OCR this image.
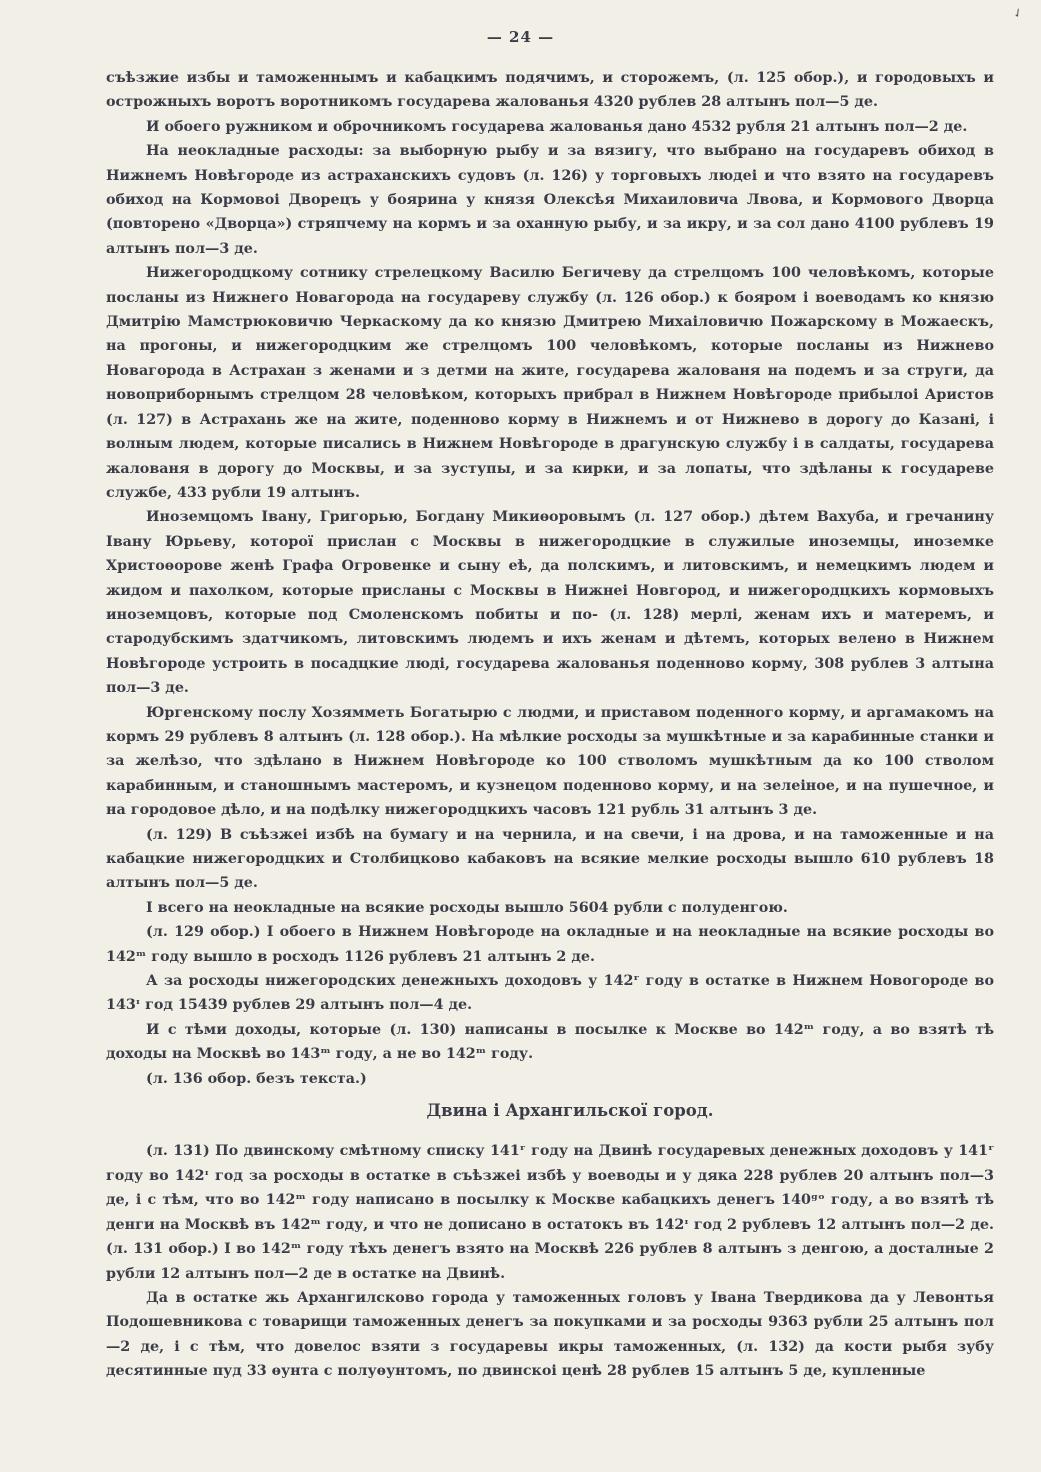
✓
— 24 —

съѣзжие избы и таможеннымъ и кабацкимъ подячимъ, и сторожемъ, (л. 125 обор.), и городовыхъ и острожныхъ воротъ воротникомъ государева жалованья 4320 рублев 28 алтынъ пол—5 де.

И обоего ружником и оброчникомъ государева жалованья дано 4532 рубля 21 алтынъ пол—2 де.

На неокладные расходы: за выборную рыбу и за вязигу, что выбрано на государевъ обиход в Нижнемъ Новѣгороде из астраханскихъ судовъ (л. 126) у торговыхъ людеі и что взято на государевъ обиход на Кормовоі Дворецъ у боярина у князя Олексѣя Михаиловича Лвова, и Кормового Дворца (повторено «Дворца») стряпчему на кормъ и за оханную рыбу, и за икру, и за сол дано 4100 рублевъ 19 алтынъ пол—3 де.

Нижегородцкому сотнику стрелецкому Василю Бегичеву да стрелцомъ 100 человѣкомъ, которые посланы из Нижнего Новагорода на государеву службу (л. 126 обор.) к бояром і воеводамъ ко князю Дмитрію Мамстрюковичю Черкаскому да ко князю Дмитрею Михаіловичю Пожарскому в Можаескъ, на прогоны, и нижегородцким же стрелцомъ 100 человѣкомъ, которые посланы из Нижнево Новагорода в Астрахан з женами и з детми на жите, государева жалованя на подемъ и за струги, да новоприборнымъ стрелцом 28 человѣком, которыхъ прибрал в Нижнем Новѣгороде прибылоі Аристов (л. 127) в Астрахань же на жите, поденново корму в Нижнемъ и от Нижнево в дорогу до Казані, і волным людем, которые писались в Нижнем Новѣгороде в драгунскую службу і в салдаты, государева жалованя в дорогу до Москвы, и за зуступы, и за кирки, и за лопаты, что здѣланы к государеве службе, 433 рубли 19 алтынъ.

Иноземцомъ Івану, Григорью, Богдану Микиѳоровымъ (л. 127 обор.) дѣтем Вахуба, и гречанину Івану Юрьеву, которої прислан с Москвы в нижегородцкие в служилые иноземцы, иноземке Христоѳорове женѣ Графа Огровенке и сыну еѣ, да полскимъ, и литовскимъ, и немецкимъ людем и жидом и пахолком, которые присланы с Москвы в Нижнеі Новгород, и нижегородцкихъ кормовыхъ иноземцовъ, которые под Смоленскомъ побиты и по- (л. 128) мерлі, женам ихъ и матеремъ, и стародубскимъ здатчикомъ, литовскимъ людемъ и ихъ женам и дѣтемъ, которых велено в Нижнем Новѣгороде устроить в посадцкие люді, государева жалованья поденново корму, 308 рублев 3 алтына пол—3 де.

Юргенскому послу Хозямметь Богатырю с людми, и приставом поденного корму, и аргамакомъ на кормъ 29 рублевъ 8 алтынъ (л. 128 обор.). На мѣлкие росходы за мушкѣтные и за карабинные станки и за желѣзо, что здѣлано в Нижнем Новѣгороде ко 100 стволомъ мушкѣтным да ко 100 стволом карабинным, и станошнымъ мастеромъ, и кузнецом поденново корму, и на зелеіное, и на пушечное, и на городовое дѣло, и на подѣлку нижегородцкихъ часовъ 121 рубль 31 алтынъ 3 де.

(л. 129) В съѣзжеі избѣ на бумагу и на чернила, и на свечи, і на дрова, и на таможенные и на кабацкие нижегородцких и Столбицково кабаковъ на всякие мелкие росходы вышло 610 рублевъ 18 алтынъ пол—5 де.

І всего на неокладные на всякие росходы вышло 5604 рубли с полуденгою.

(л. 129 обор.) І обоего в Нижнем Новѣгороде на окладные и на неокладные на всякие росходы во 142ᵐ году вышло в росходъ 1126 рублевъ 21 алтынъ 2 де.

А за росходы нижегородских денежныхъ доходовъ у 142ʳ году в остатке в Нижнем Новогороде во 143ᶦ год 15439 рублев 29 алтынъ пол—4 де.

И с тѣми доходы, которые (л. 130) написаны в посылке к Москве во 142ᵐ году, а во взятѣ тѣ доходы на Москвѣ во 143ᵐ году, а не во 142ᵐ году.

(л. 136 обор. безъ текста.)

Двина і Архангильскої город.

(л. 131) По двинскому смѣтному списку 141ʳ году на Двинѣ государевых денежных доходовъ у 141ʳ году во 142ᶦ год за росходы в остатке в съѣзжеі избѣ у воеводы и у дяка 228 рублев 20 алтынъ пол—3 де, і с тѣм, что во 142ᵐ году написано в посылку к Москве кабацкихъ денегъ 140ᵍᵒ году, а во взятѣ тѣ денги на Москвѣ въ 142ᵐ году, и что не дописано в остатокъ въ 142ᶦ год 2 рублевъ 12 алтынъ пол—2 де. (л. 131 обор.) І во 142ᵐ году тѣхъ денегъ взято на Москвѣ 226 рублев 8 алтынъ з денгою, а досталные 2 рубли 12 алтынъ пол—2 де в остатке на Двинѣ.

Да в остатке жь Архангилсково города у таможенных головъ у Івана Твердикова да у Левонтья Подошевникова с товарищи таможенных денегъ за покупками и за росходы 9363 рубли 25 алтынъ пол—2 де, і с тѣм, что довелос взяти з государевы икры таможенных, (л. 132) да кости рыбя зубу десятинные пуд 33 ѳунта с полуѳунтомъ, по двинскоі ценѣ 28 рублев 15 алтынъ 5 де, купленные
